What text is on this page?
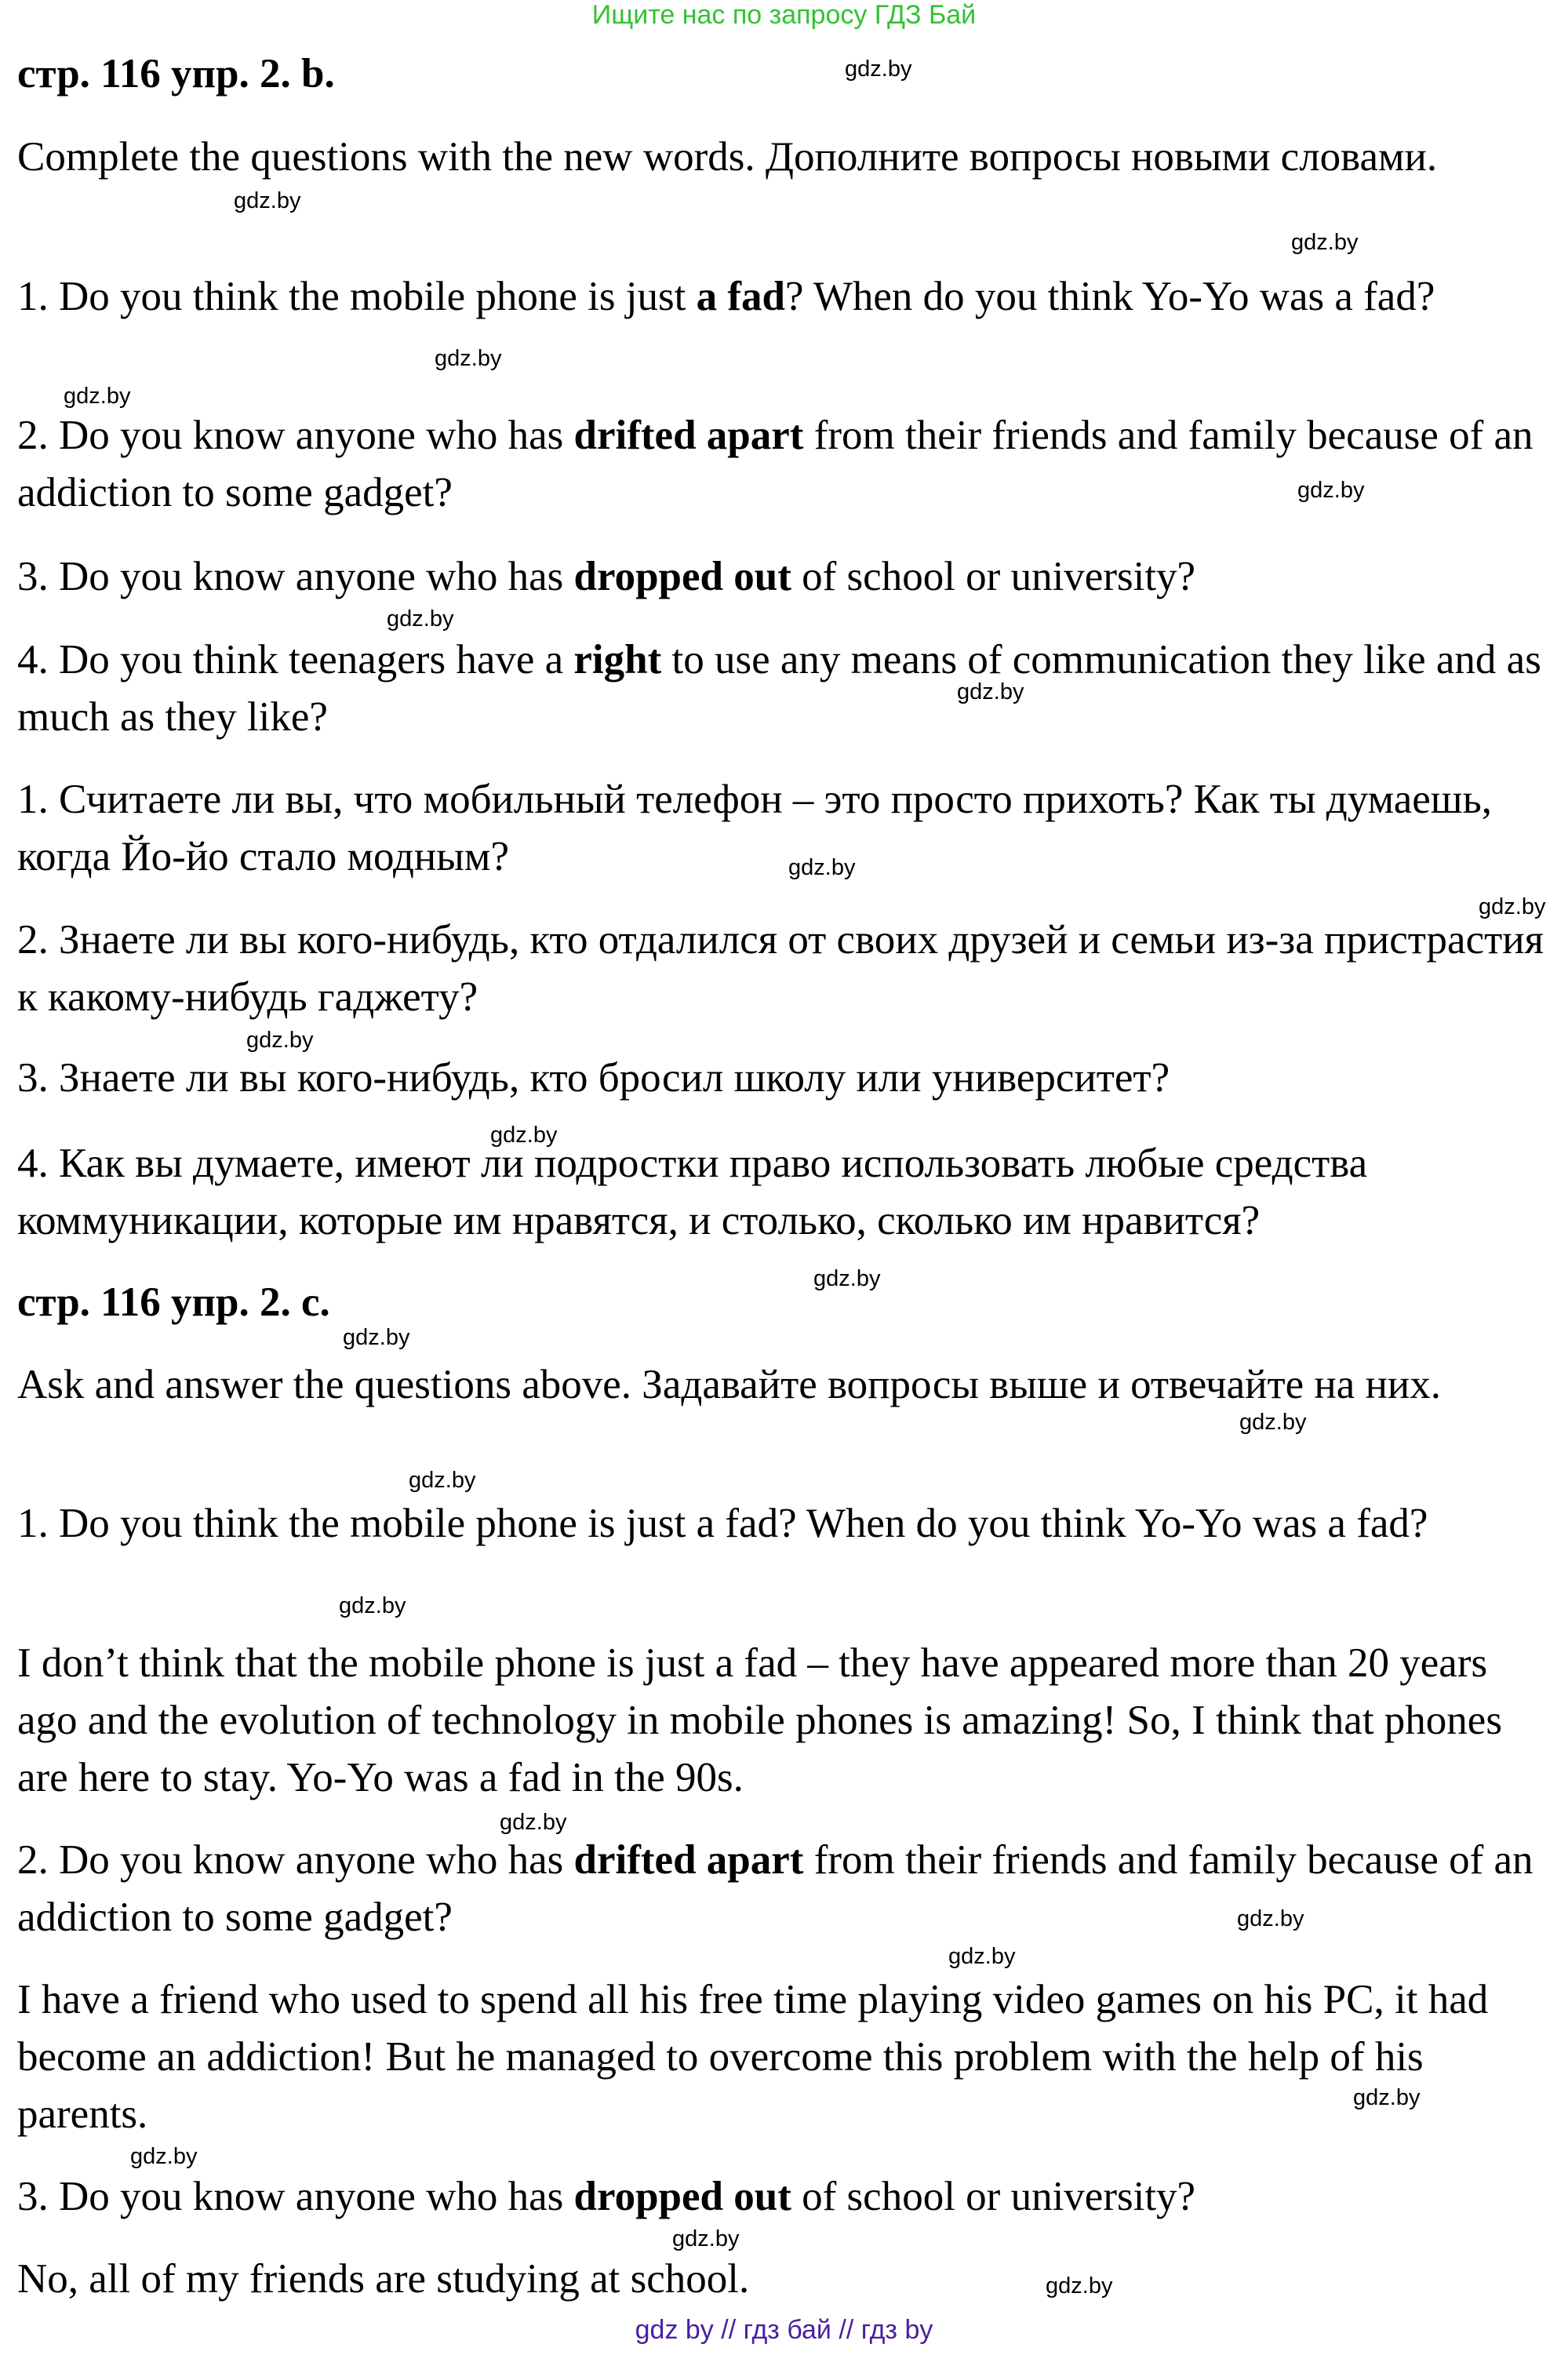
Ищите нас по запросу ГДЗ Бай
стр. 116 упр. 2. b.
Complete the questions with the new words. Дополните вопросы новыми словами.
1. Do you think the mobile phone is just a fad? When do you think Yo-Yo was a fad?
2. Do you know anyone who has drifted apart from their friends and family because of an addiction to some gadget?
3. Do you know anyone who has dropped out of school or university?
4. Do you think teenagers have a right to use any means of communication they like and as much as they like?
1. Считаете ли вы, что мобильный телефон – это просто прихоть? Как ты думаешь, когда Йо-йо стало модным?
2. Знаете ли вы кого-нибудь, кто отдалился от своих друзей и семьи из-за пристрастия к какому-нибудь гаджету?
3. Знаете ли вы кого-нибудь, кто бросил школу или университет?
4. Как вы думаете, имеют ли подростки право использовать любые средства коммуникации, которые им нравятся, и столько, сколько им нравится?
стр. 116 упр. 2. с.
Ask and answer the questions above. Задавайте вопросы выше и отвечайте на них.
1. Do you think the mobile phone is just a fad? When do you think Yo-Yo was a fad?
I don’t think that the mobile phone is just a fad – they have appeared more than 20 years ago and the evolution of technology in mobile phones is amazing! So, I think that phones are here to stay. Yo-Yo was a fad in the 90s.
2. Do you know anyone who has drifted apart from their friends and family because of an addiction to some gadget?
I have a friend who used to spend all his free time playing video games on his PC, it had become an addiction! But he managed to overcome this problem with the help of his parents.
3. Do you know anyone who has dropped out of school or university?
No, all of my friends are studying at school.
gdz.by
gdz.by
gdz.by
gdz.by
gdz.by
gdz.by
gdz.by
gdz.by
gdz.by
gdz.by
gdz.by
gdz.by
gdz.by
gdz.by
gdz.by
gdz.by
gdz.by
gdz.by
gdz.by
gdz.by
gdz.by
gdz.by
gdz.by
gdz.by
gdz by // гдз бай // гдз by
